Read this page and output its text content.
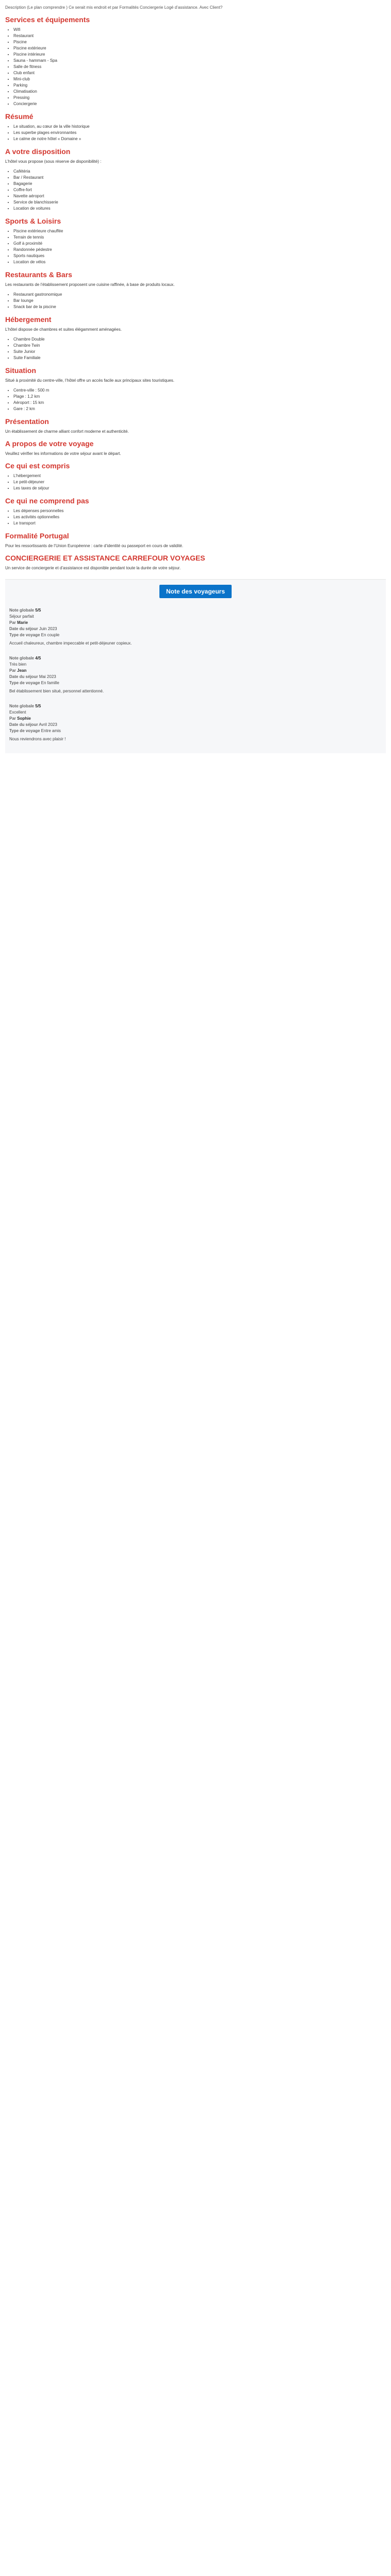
Description (Le plan comprendre ) Ce serait mis endroit et par Formalités Conciergerie Logé d’assistance. Avec Client?
Services et équipements
• Wifi
• Restaurant
• Piscine
• Piscine extérieure
• Piscine intérieure
• Sauna - hammam - Spa
• Salle de fitness
• Club enfant
• Mini-club
• Parking
• Climatisation
• Pressing
• Conciergerie
Résumé
• Le situation, au cœur de la ville historique
• Les superbe plages environnantes
• Le calme de notre hôtel « Domaine »
A votre disposition
L’hôtel vous propose (sous réserve de disponibilité) :
• Cafétéria
• Bar / Restaurant
• Bagagerie
• Coffre-fort
• Navette aéroport
• Service de blanchisserie
• Location de voitures
Sports & Loisirs
• Piscine extérieure chauffée
• Terrain de tennis
• Golf à proximité
• Randonnée pédestre
• Sports nautiques
• Location de vélos
Restaurants & Bars
Les restaurants de l’établissement proposent une cuisine raffinée, à base de produits locaux.
• Restaurant gastronomique
• Bar lounge
• Snack bar de la piscine
Hébergement
L’hôtel dispose de chambres et suites élégamment aménagées.
• Chambre Double
• Chambre Twin
• Suite Junior
• Suite Familiale
Situation
Situé à proximité du centre-ville, l’hôtel offre un accès facile aux principaux sites touristiques.
• Centre-ville : 500 m
• Plage : 1,2 km
• Aéroport : 15 km
• Gare : 2 km
Présentation
Un établissement de charme alliant confort moderne et authenticité.
A propos de votre voyage
Veuillez vérifier les informations de votre séjour avant le départ.
Ce qui est compris
• L’hébergement
• Le petit-déjeuner
• Les taxes de séjour
Ce qui ne comprend pas
• Les dépenses personnelles
• Les activités optionnelles
• Le transport
Formalité Portugal
Pour les ressortissants de l’Union Européenne : carte d’identité ou passeport en cours de validité.
CONCIERGERIE ET ASSISTANCE CARREFOUR VOYAGES
Un service de conciergerie et d’assistance est disponible pendant toute la durée de votre séjour.
Note des voyageurs
Note globale 5/5
Séjour parfait
Par Marie
Date du séjour Juin 2023
Type de voyage En couple
Accueil chaleureux, chambre impeccable et petit-déjeuner copieux.
Note globale 4/5
Très bien
Par Jean
Date du séjour Mai 2023
Type de voyage En famille
Bel établissement bien situé, personnel attentionné.
Note globale 5/5
Excellent
Par Sophie
Date du séjour Avril 2023
Type de voyage Entre amis
Nous reviendrons avec plaisir !
